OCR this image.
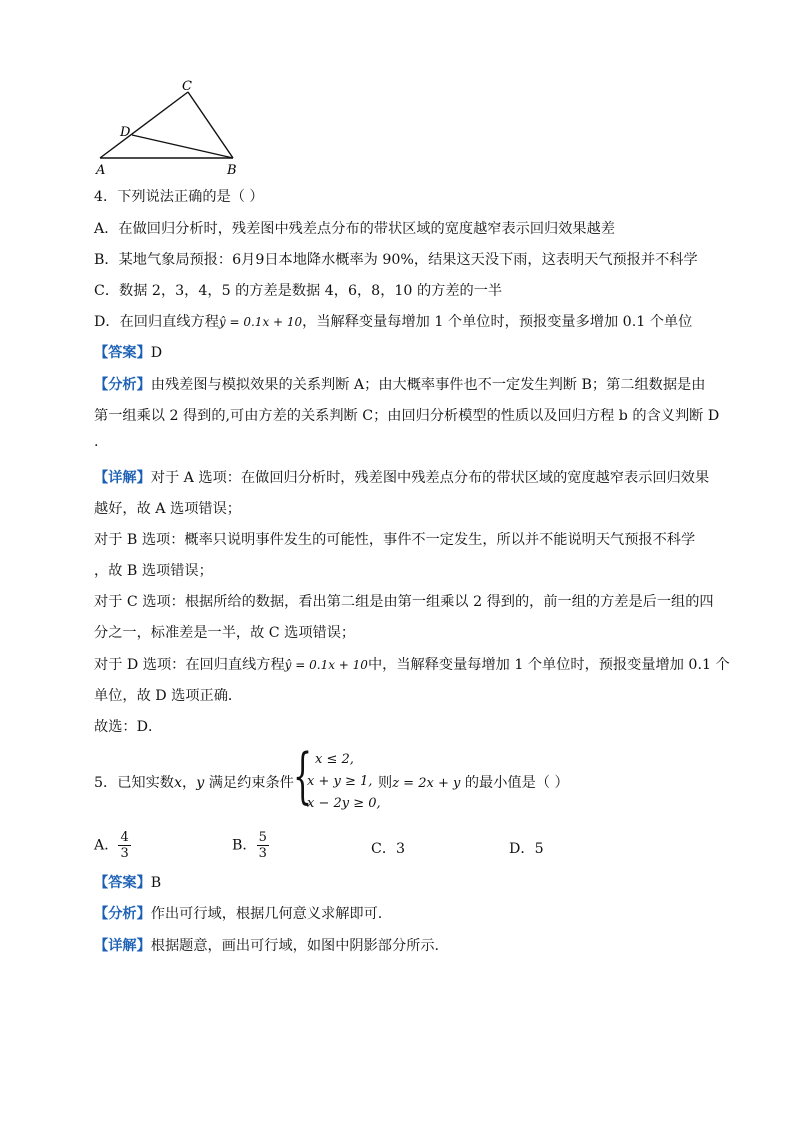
C
D
A	B
4．下列说法正确的是（ ）
A．在做回归分析时，残差图中残差点分布的带状区域的宽度越窄表示回归效果越差
B．某地气象局预报：6月9日本地降水概率为 90%，结果这天没下雨，这表明天气预报并不科学
C．数据 2，3，4，5 的方差是数据 4，6，8，10 的方差的一半
D．在回归直线方程ŷ = 0.1x + 10，当解释变量每增加 1 个单位时，预报变量多增加 0.1 个单位
【答案】D
【分析】由残差图与模拟效果的关系判断 A；由大概率事件也不一定发生判断 B；第二组数据是由
第一组乘以 2 得到的,可由方差的关系判断 C；由回归分析模型的性质以及回归方程 b 的含义判断 D
.
【详解】对于 A 选项：在做回归分析时，残差图中残差点分布的带状区域的宽度越窄表示回归效果
越好，故 A 选项错误；
对于 B 选项：概率只说明事件发生的可能性，事件不一定发生，所以并不能说明天气预报不科学
，故 B 选项错误；
对于 C 选项：根据所给的数据，看出第二组是由第一组乘以 2 得到的，前一组的方差是后一组的四
分之一，标准差是一半，故 C 选项错误；
对于 D 选项：在回归直线方程ŷ = 0.1x + 10中，当解释变量每增加 1 个单位时，预报变量增加 0.1 个
单位，故 D 选项正确．
故选：D．
5．已知实数x，y 满足约束条件 { x ≤ 2,
x + y ≥ 1,
x − 2y ≥ 0,
则z = 2x + y 的最小值是（ ）
A． $\frac{4}{3}$	B． $\frac{5}{3}$	C．3	D．5
【答案】B
【分析】作出可行域，根据几何意义求解即可.
【详解】根据题意，画出可行域，如图中阴影部分所示.
